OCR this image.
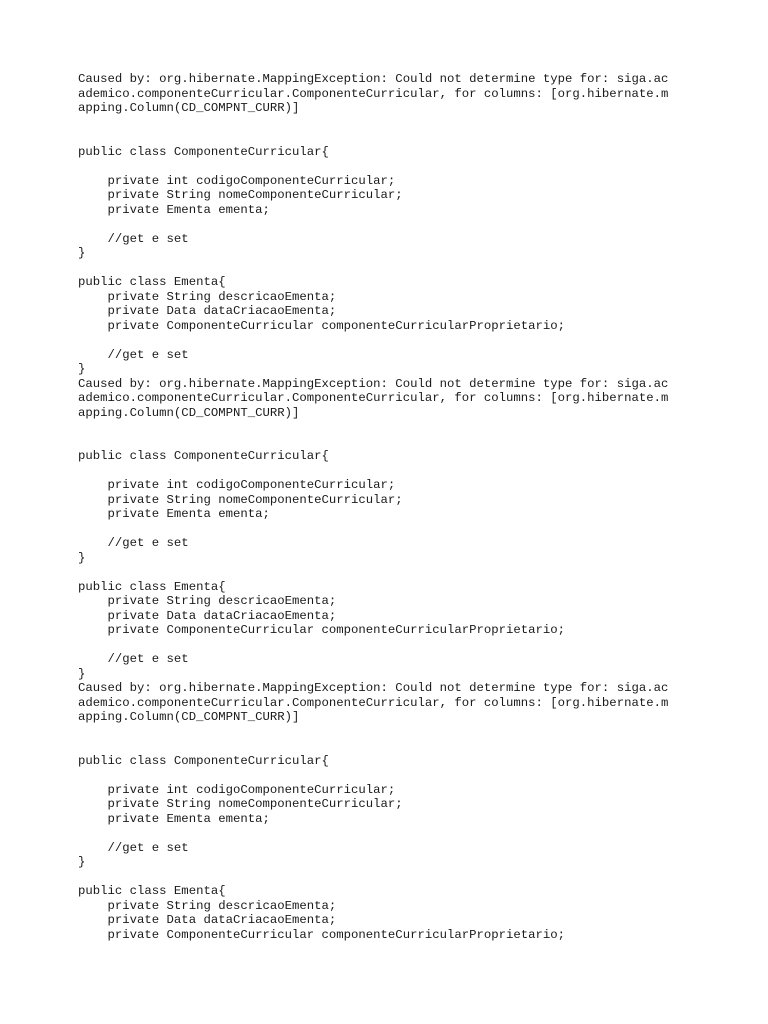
Caused by: org.hibernate.MappingException: Could not determine type for: siga.ac
ademico.componenteCurricular.ComponenteCurricular, for columns: [org.hibernate.m
apping.Column(CD_COMPNT_CURR)]
public class ComponenteCurricular{
private int codigoComponenteCurricular;
private String nomeComponenteCurricular;
private Ementa ementa;
//get e set
}
public class Ementa{
private String descricaoEmenta;
private Data dataCriacaoEmenta;
private ComponenteCurricular componenteCurricularProprietario;
//get e set
}
Caused by: org.hibernate.MappingException: Could not determine type for: siga.ac
ademico.componenteCurricular.ComponenteCurricular, for columns: [org.hibernate.m
apping.Column(CD_COMPNT_CURR)]
public class ComponenteCurricular{
private int codigoComponenteCurricular;
private String nomeComponenteCurricular;
private Ementa ementa;
//get e set
}
public class Ementa{
private String descricaoEmenta;
private Data dataCriacaoEmenta;
private ComponenteCurricular componenteCurricularProprietario;
//get e set
}
Caused by: org.hibernate.MappingException: Could not determine type for: siga.ac
ademico.componenteCurricular.ComponenteCurricular, for columns: [org.hibernate.m
apping.Column(CD_COMPNT_CURR)]
public class ComponenteCurricular{
private int codigoComponenteCurricular;
private String nomeComponenteCurricular;
private Ementa ementa;
//get e set
}
public class Ementa{
private String descricaoEmenta;
private Data dataCriacaoEmenta;
private ComponenteCurricular componenteCurricularProprietario;
